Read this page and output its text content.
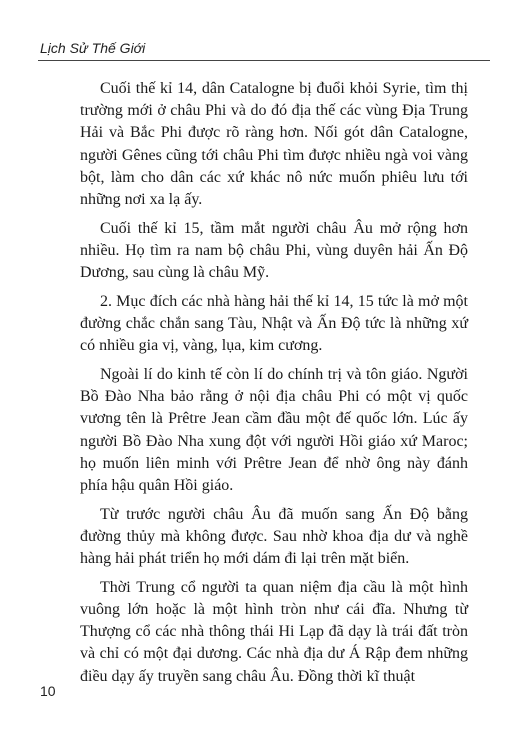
Lịch Sử Thế Giới

Cuối thế kỉ 14, dân Catalogne bị đuổi khỏi Syrie, tìm thị trường mới ở châu Phi và do đó địa thế các vùng Địa Trung Hải và Bắc Phi được rõ ràng hơn. Nối gót dân Catalogne, người Gênes cũng tới châu Phi tìm được nhiều ngà voi vàng bột, làm cho dân các xứ khác nô nức muốn phiêu lưu tới những nơi xa lạ ấy.

Cuối thế kỉ 15, tầm mắt người châu Âu mở rộng hơn nhiều. Họ tìm ra nam bộ châu Phi, vùng duyên hải Ấn Độ Dương, sau cùng là châu Mỹ.

2. Mục đích các nhà hàng hải thế kỉ 14, 15 tức là mở một đường chắc chắn sang Tàu, Nhật và Ấn Độ tức là những xứ có nhiều gia vị, vàng, lụa, kim cương.

Ngoài lí do kinh tế còn lí do chính trị và tôn giáo. Người Bồ Đào Nha bảo rằng ở nội địa châu Phi có một vị quốc vương tên là Prêtre Jean cầm đầu một đế quốc lớn. Lúc ấy người Bồ Đào Nha xung đột với người Hồi giáo xứ Maroc; họ muốn liên minh với Prêtre Jean để nhờ ông này đánh phía hậu quân Hồi giáo.

Từ trước người châu Âu đã muốn sang Ấn Độ bằng đường thủy mà không được. Sau nhờ khoa địa dư và nghề hàng hải phát triển họ mới dám đi lại trên mặt biển.

Thời Trung cổ người ta quan niệm địa cầu là một hình vuông lớn hoặc là một hình tròn như cái đĩa. Nhưng từ Thượng cổ các nhà thông thái Hi Lạp đã dạy là trái đất tròn và chỉ có một đại dương. Các nhà địa dư Á Rập đem những điều dạy ấy truyền sang châu Âu. Đồng thời kĩ thuật

10
